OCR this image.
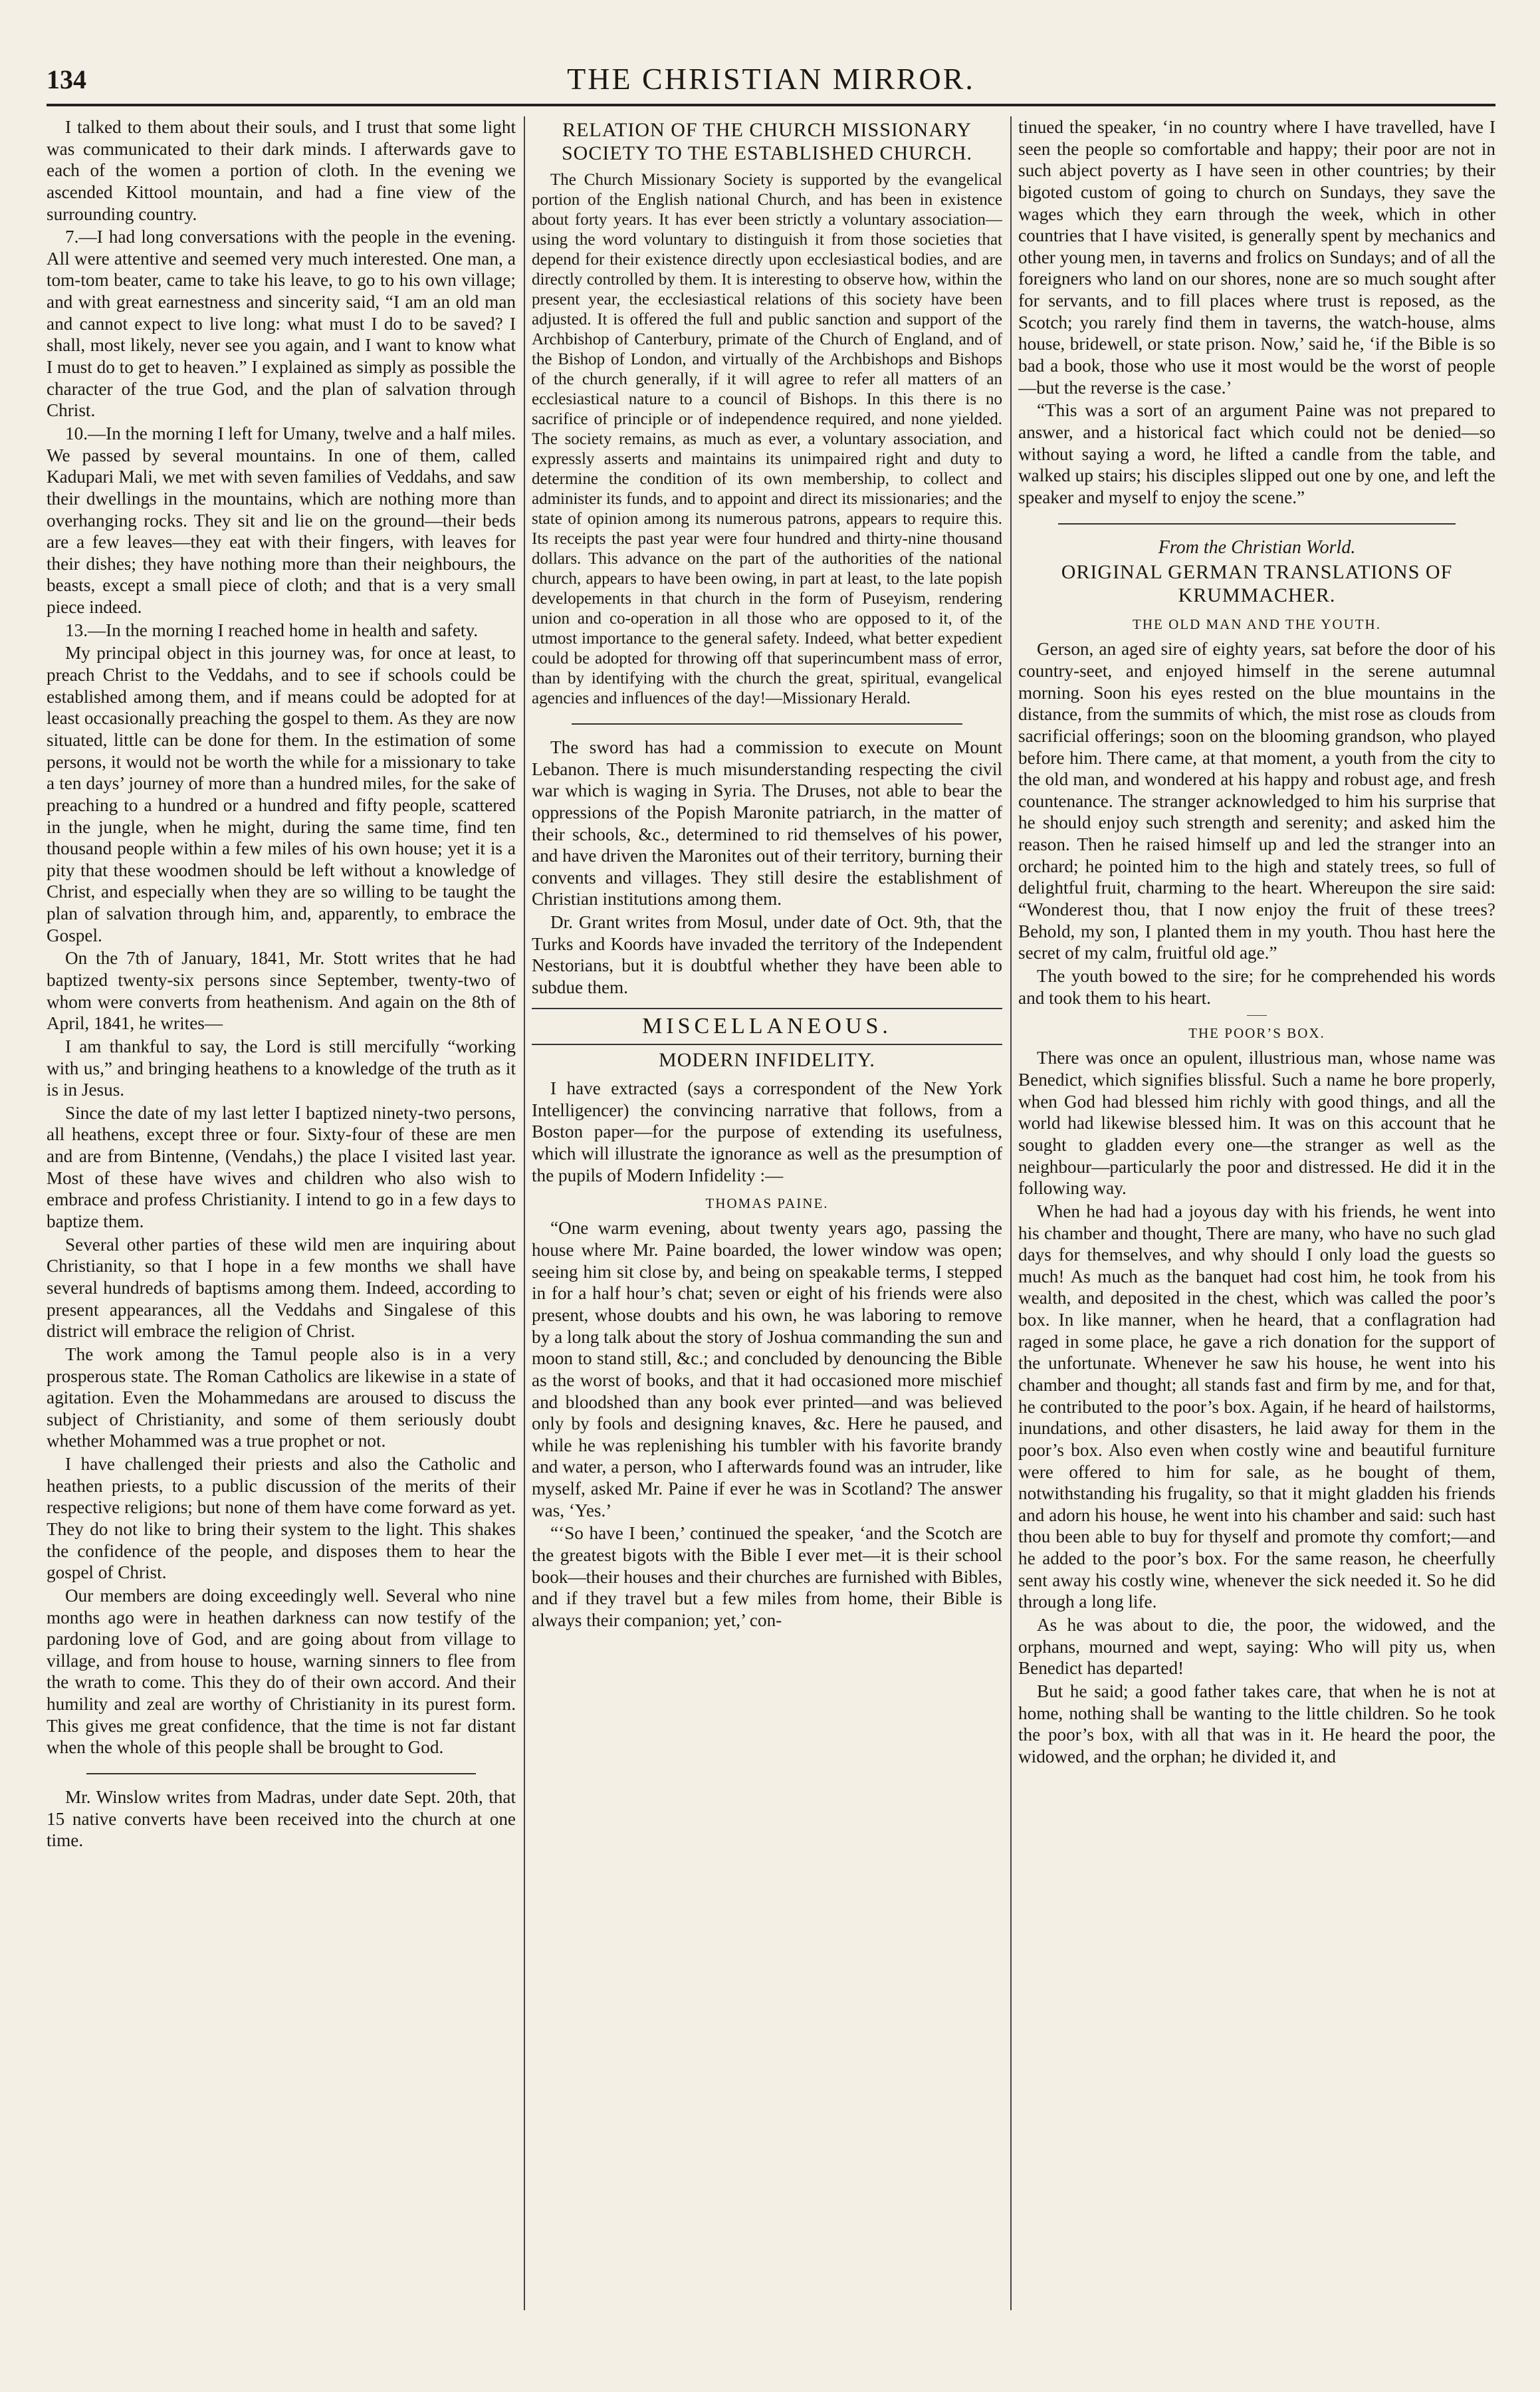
134	THE CHRISTIAN MIRROR.

I talked to them about their souls, and I trust that some light was communicated to their dark minds. I afterwards gave to each of the women a portion of cloth. In the evening we ascended Kittool mountain, and had a fine view of the surrounding country.

7.—I had long conversations with the people in the evening. All were attentive and seemed very much interested. One man, a tom-tom beater, came to take his leave, to go to his own village; and with great earnestness and sincerity said, “I am an old man and cannot expect to live long: what must I do to be saved? I shall, most likely, never see you again, and I want to know what I must do to get to heaven.” I explained as simply as possible the character of the true God, and the plan of salvation through Christ.

10.—In the morning I left for Umany, twelve and a half miles. We passed by several mountains. In one of them, called Kadupari Mali, we met with seven families of Veddahs, and saw their dwellings in the mountains, which are nothing more than overhanging rocks. They sit and lie on the ground—their beds are a few leaves—they eat with their fingers, with leaves for their dishes; they have nothing more than their neighbours, the beasts, except a small piece of cloth; and that is a very small piece indeed.

13.—In the morning I reached home in health and safety.

My principal object in this journey was, for once at least, to preach Christ to the Veddahs, and to see if schools could be established among them, and if means could be adopted for at least occasionally preaching the gospel to them. As they are now situated, little can be done for them. In the estimation of some persons, it would not be worth the while for a missionary to take a ten days’ journey of more than a hundred miles, for the sake of preaching to a hundred or a hundred and fifty people, scattered in the jungle, when he might, during the same time, find ten thousand people within a few miles of his own house; yet it is a pity that these woodmen should be left without a knowledge of Christ, and especially when they are so willing to be taught the plan of salvation through him, and, apparently, to embrace the Gospel.

On the 7th of January, 1841, Mr. Stott writes that he had baptized twenty-six persons since September, twenty-two of whom were converts from heathenism. And again on the 8th of April, 1841, he writes—

I am thankful to say, the Lord is still mercifully “working with us,” and bringing heathens to a knowledge of the truth as it is in Jesus.

Since the date of my last letter I baptized ninety-two persons, all heathens, except three or four. Sixty-four of these are men and are from Bintenne, (Vendahs,) the place I visited last year. Most of these have wives and children who also wish to embrace and profess Christianity. I intend to go in a few days to baptize them.

Several other parties of these wild men are inquiring about Christianity, so that I hope in a few months we shall have several hundreds of baptisms among them. Indeed, according to present appearances, all the Veddahs and Singalese of this district will embrace the religion of Christ.

The work among the Tamul people also is in a very prosperous state. The Roman Catholics are likewise in a state of agitation. Even the Mohammedans are aroused to discuss the subject of Christianity, and some of them seriously doubt whether Mohammed was a true prophet or not.

I have challenged their priests and also the Catholic and heathen priests, to a public discussion of the merits of their respective religions; but none of them have come forward as yet. They do not like to bring their system to the light. This shakes the confidence of the people, and disposes them to hear the gospel of Christ.

Our members are doing exceedingly well. Several who nine months ago were in heathen darkness can now testify of the pardoning love of God, and are going about from village to village, and from house to house, warning sinners to flee from the wrath to come. This they do of their own accord. And their humility and zeal are worthy of Christianity in its purest form. This gives me great confidence, that the time is not far distant when the whole of this people shall be brought to God.

Mr. Winslow writes from Madras, under date Sept. 20th, that 15 native converts have been received into the church at one time.

RELATION OF THE CHURCH MISSIONARY SOCIETY TO THE ESTABLISHED CHURCH.

The Church Missionary Society is supported by the evangelical portion of the English national Church, and has been in existence about forty years. It has ever been strictly a voluntary association—using the word voluntary to distinguish it from those societies that depend for their existence directly upon ecclesiastical bodies, and are directly controlled by them. It is interesting to observe how, within the present year, the ecclesiastical relations of this society have been adjusted. It is offered the full and public sanction and support of the Archbishop of Canterbury, primate of the Church of England, and of the Bishop of London, and virtually of the Archbishops and Bishops of the church generally, if it will agree to refer all matters of an ecclesiastical nature to a council of Bishops. In this there is no sacrifice of principle or of independence required, and none yielded. The society remains, as much as ever, a voluntary association, and expressly asserts and maintains its unimpaired right and duty to determine the condition of its own membership, to collect and administer its funds, and to appoint and direct its missionaries; and the state of opinion among its numerous patrons, appears to require this. Its receipts the past year were four hundred and thirty-nine thousand dollars. This advance on the part of the authorities of the national church, appears to have been owing, in part at least, to the late popish developements in that church in the form of Puseyism, rendering union and co-operation in all those who are opposed to it, of the utmost importance to the general safety. Indeed, what better expedient could be adopted for throwing off that superincumbent mass of error, than by identifying with the church the great, spiritual, evangelical agencies and influences of the day!—Missionary Herald.

The sword has had a commission to execute on Mount Lebanon. There is much misunderstanding respecting the civil war which is waging in Syria. The Druses, not able to bear the oppressions of the Popish Maronite patriarch, in the matter of their schools, &c., determined to rid themselves of his power, and have driven the Maronites out of their territory, burning their convents and villages. They still desire the establishment of Christian institutions among them.

Dr. Grant writes from Mosul, under date of Oct. 9th, that the Turks and Koords have invaded the territory of the Independent Nestorians, but it is doubtful whether they have been able to subdue them.

MISCELLANEOUS.
MODERN INFIDELITY.

I have extracted (says a correspondent of the New York Intelligencer) the convincing narrative that follows, from a Boston paper—for the purpose of extending its usefulness, which will illustrate the ignorance as well as the presumption of the pupils of Modern Infidelity :—

THOMAS PAINE.

“One warm evening, about twenty years ago, passing the house where Mr. Paine boarded, the lower window was open; seeing him sit close by, and being on speakable terms, I stepped in for a half hour’s chat; seven or eight of his friends were also present, whose doubts and his own, he was laboring to remove by a long talk about the story of Joshua commanding the sun and moon to stand still, &c.; and concluded by denouncing the Bible as the worst of books, and that it had occasioned more mischief and bloodshed than any book ever printed—and was believed only by fools and designing knaves, &c. Here he paused, and while he was replenishing his tumbler with his favorite brandy and water, a person, who I afterwards found was an intruder, like myself, asked Mr. Paine if ever he was in Scotland? The answer was, ‘Yes.’

“‘So have I been,’ continued the speaker, ‘and the Scotch are the greatest bigots with the Bible I ever met—it is their school book—their houses and their churches are furnished with Bibles, and if they travel but a few miles from home, their Bible is always their companion; yet,’ con-

tinued the speaker, ‘in no country where I have travelled, have I seen the people so comfortable and happy; their poor are not in such abject poverty as I have seen in other countries; by their bigoted custom of going to church on Sundays, they save the wages which they earn through the week, which in other countries that I have visited, is generally spent by mechanics and other young men, in taverns and frolics on Sundays; and of all the foreigners who land on our shores, none are so much sought after for servants, and to fill places where trust is reposed, as the Scotch; you rarely find them in taverns, the watch-house, alms house, bridewell, or state prison. Now,’ said he, ‘if the Bible is so bad a book, those who use it most would be the worst of people—but the reverse is the case.’

“This was a sort of an argument Paine was not prepared to answer, and a historical fact which could not be denied—so without saying a word, he lifted a candle from the table, and walked up stairs; his disciples slipped out one by one, and left the speaker and myself to enjoy the scene.”

From the Christian World.
ORIGINAL GERMAN TRANSLATIONS OF KRUMMACHER.
THE OLD MAN AND THE YOUTH.

Gerson, an aged sire of eighty years, sat before the door of his country-seet, and enjoyed himself in the serene autumnal morning. Soon his eyes rested on the blue mountains in the distance, from the summits of which, the mist rose as clouds from sacrificial offerings; soon on the blooming grandson, who played before him. There came, at that moment, a youth from the city to the old man, and wondered at his happy and robust age, and fresh countenance. The stranger acknowledged to him his surprise that he should enjoy such strength and serenity; and asked him the reason. Then he raised himself up and led the stranger into an orchard; he pointed him to the high and stately trees, so full of delightful fruit, charming to the heart. Whereupon the sire said: “Wonderest thou, that I now enjoy the fruit of these trees? Behold, my son, I planted them in my youth. Thou hast here the secret of my calm, fruitful old age.”

The youth bowed to the sire; for he comprehended his words and took them to his heart.

THE POOR’S BOX.

There was once an opulent, illustrious man, whose name was Benedict, which signifies blissful. Such a name he bore properly, when God had blessed him richly with good things, and all the world had likewise blessed him. It was on this account that he sought to gladden every one—the stranger as well as the neighbour—particularly the poor and distressed. He did it in the following way.

When he had had a joyous day with his friends, he went into his chamber and thought, There are many, who have no such glad days for themselves, and why should I only load the guests so much! As much as the banquet had cost him, he took from his wealth, and deposited in the chest, which was called the poor’s box. In like manner, when he heard, that a conflagration had raged in some place, he gave a rich donation for the support of the unfortunate. Whenever he saw his house, he went into his chamber and thought; all stands fast and firm by me, and for that, he contributed to the poor’s box. Again, if he heard of hailstorms, inundations, and other disasters, he laid away for them in the poor’s box. Also even when costly wine and beautiful furniture were offered to him for sale, as he bought of them, notwithstanding his frugality, so that it might gladden his friends and adorn his house, he went into his chamber and said: such hast thou been able to buy for thyself and promote thy comfort;—and he added to the poor’s box. For the same reason, he cheerfully sent away his costly wine, whenever the sick needed it. So he did through a long life.

As he was about to die, the poor, the widowed, and the orphans, mourned and wept, saying: Who will pity us, when Benedict has departed!

But he said; a good father takes care, that when he is not at home, nothing shall be wanting to the little children. So he took the poor’s box, with all that was in it. He heard the poor, the widowed, and the orphan; he divided it, and
